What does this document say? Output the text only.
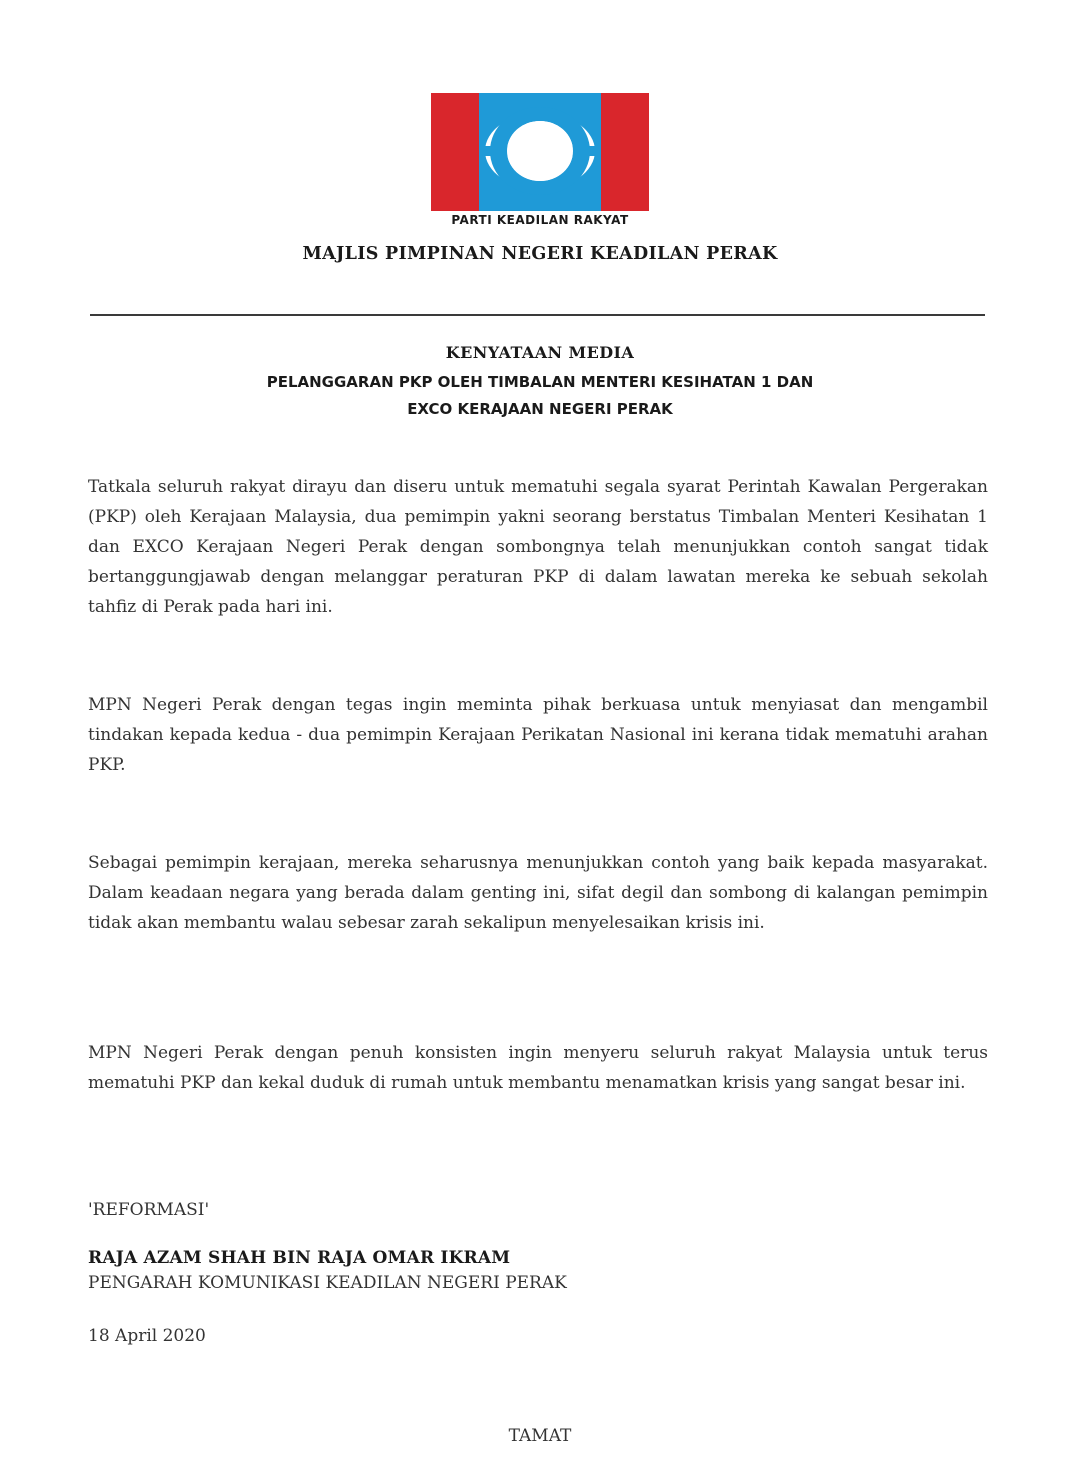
PARTI KEADILAN RAKYAT
MAJLIS PIMPINAN NEGERI KEADILAN PERAK
KENYATAAN MEDIA
PELANGGARAN PKP OLEH TIMBALAN MENTERI KESIHATAN 1 DAN
EXCO KERAJAAN NEGERI PERAK
Tatkala seluruh rakyat dirayu dan diseru untuk mematuhi segala syarat Perintah Kawalan Pergerakan (PKP) oleh Kerajaan Malaysia, dua pemimpin yakni seorang berstatus Timbalan Menteri Kesihatan 1 dan EXCO Kerajaan Negeri Perak dengan sombongnya telah menunjukkan contoh sangat tidak bertanggungjawab dengan melanggar peraturan PKP di dalam lawatan mereka ke sebuah sekolah tahfiz di Perak pada hari ini.
MPN Negeri Perak dengan tegas ingin meminta pihak berkuasa untuk menyiasat dan mengambil tindakan kepada kedua - dua pemimpin Kerajaan Perikatan Nasional ini kerana tidak mematuhi arahan PKP.
Sebagai pemimpin kerajaan, mereka seharusnya menunjukkan contoh yang baik kepada masyarakat. Dalam keadaan negara yang berada dalam genting ini, sifat degil dan sombong di kalangan pemimpin tidak akan membantu walau sebesar zarah sekalipun menyelesaikan krisis ini.
MPN Negeri Perak dengan penuh konsisten ingin menyeru seluruh rakyat Malaysia untuk terus mematuhi PKP dan kekal duduk di rumah untuk membantu menamatkan krisis yang sangat besar ini.
'REFORMASI'
RAJA AZAM SHAH BIN RAJA OMAR IKRAM
PENGARAH KOMUNIKASI KEADILAN NEGERI PERAK
18 April 2020
TAMAT
